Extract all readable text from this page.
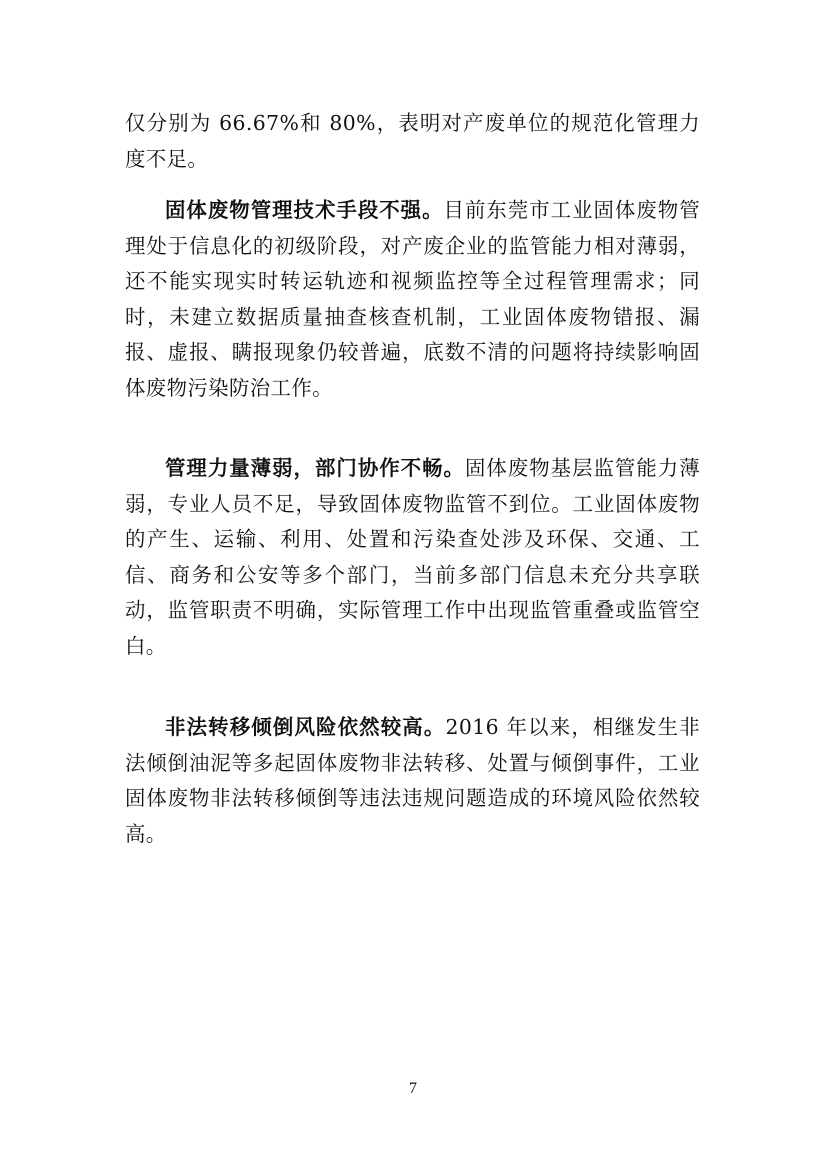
仅分别为 66.67%和 80%，表明对产废单位的规范化管理力度不足。

固体废物管理技术手段不强。目前东莞市工业固体废物管理处于信息化的初级阶段，对产废企业的监管能力相对薄弱，还不能实现实时转运轨迹和视频监控等全过程管理需求；同时，未建立数据质量抽查核查机制，工业固体废物错报、漏报、虚报、瞒报现象仍较普遍，底数不清的问题将持续影响固体废物污染防治工作。

管理力量薄弱，部门协作不畅。固体废物基层监管能力薄弱，专业人员不足，导致固体废物监管不到位。工业固体废物的产生、运输、利用、处置和污染查处涉及环保、交通、工信、商务和公安等多个部门，当前多部门信息未充分共享联动，监管职责不明确，实际管理工作中出现监管重叠或监管空白。

非法转移倾倒风险依然较高。2016 年以来，相继发生非法倾倒油泥等多起固体废物非法转移、处置与倾倒事件，工业固体废物非法转移倾倒等违法违规问题造成的环境风险依然较高。

7
